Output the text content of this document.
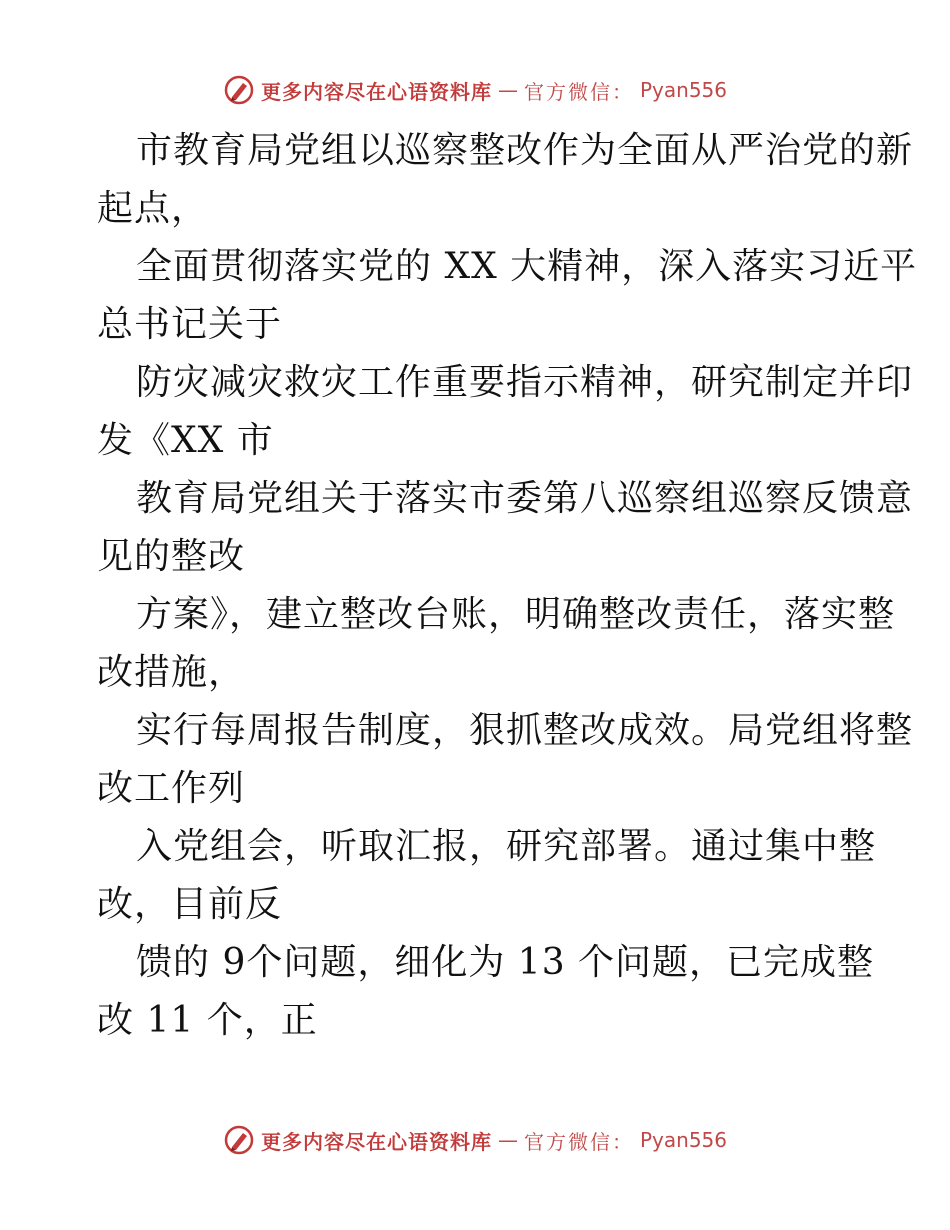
更多内容尽在心语资料库 — 官方微信： Pyan556

市教育局党组以巡察整改作为全面从严治党的新
起点，

全面贯彻落实党的 XX 大精神，深入落实习近平
总书记关于

防灾减灾救灾工作重要指示精神，研究制定并印
发《XX 市

教育局党组关于落实市委第八巡察组巡察反馈意
见的整改

方案》，建立整改台账，明确整改责任，落实整
改措施，

实行每周报告制度，狠抓整改成效。局党组将整
改工作列

入党组会，听取汇报，研究部署。通过集中整
改，目前反

馈的 9个问题，细化为 13 个问题，已完成整
改 11 个，正

更多内容尽在心语资料库 — 官方微信： Pyan556
